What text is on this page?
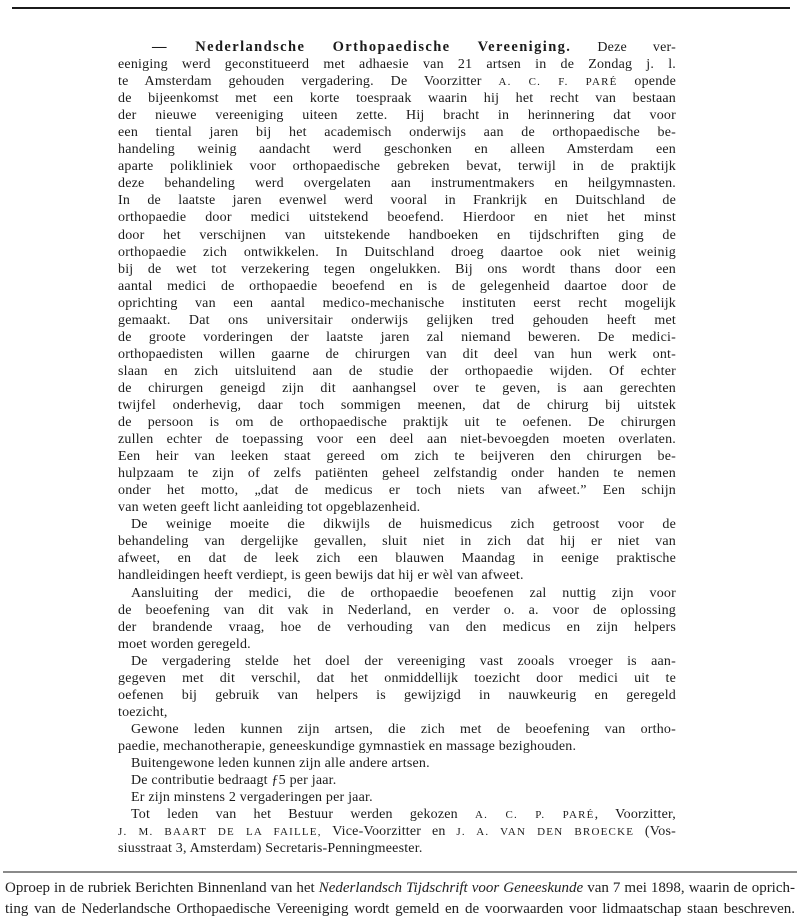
— Nederlandsche Orthopaedische Vereeniging. Deze ver-
eeniging werd geconstitueerd met adhaesie van 21 artsen in de Zondag j. l.
te Amsterdam gehouden vergadering. De Voorzitter A. C. F. PARÉ opende
de bijeenkomst met een korte toespraak waarin hij het recht van bestaan
der nieuwe vereeniging uiteen zette. Hij bracht in herinnering dat voor
een tiental jaren bij het academisch onderwijs aan de orthopaedische be-
handeling weinig aandacht werd geschonken en alleen Amsterdam een
aparte polikliniek voor orthopaedische gebreken bevat, terwijl in de praktijk
deze behandeling werd overgelaten aan instrumentmakers en heilgymnasten.
In de laatste jaren evenwel werd vooral in Frankrijk en Duitschland de
orthopaedie door medici uitstekend beoefend. Hierdoor en niet het minst
door het verschijnen van uitstekende handboeken en tijdschriften ging de
orthopaedie zich ontwikkelen. In Duitschland droeg daartoe ook niet weinig
bij de wet tot verzekering tegen ongelukken. Bij ons wordt thans door een
aantal medici de orthopaedie beoefend en is de gelegenheid daartoe door de
oprichting van een aantal medico-mechanische instituten eerst recht mogelijk
gemaakt. Dat ons universitair onderwijs gelijken tred gehouden heeft met
de groote vorderingen der laatste jaren zal niemand beweren. De medici-
orthopaedisten willen gaarne de chirurgen van dit deel van hun werk ont-
slaan en zich uitsluitend aan de studie der orthopaedie wijden. Of echter
de chirurgen geneigd zijn dit aanhangsel over te geven, is aan gerechten
twijfel onderhevig, daar toch sommigen meenen, dat de chirurg bij uitstek
de persoon is om de orthopaedische praktijk uit te oefenen. De chirurgen
zullen echter de toepassing voor een deel aan niet-bevoegden moeten overlaten.
Een heir van leeken staat gereed om zich te beijveren den chirurgen be-
hulpzaam te zijn of zelfs patiënten geheel zelfstandig onder handen te nemen
onder het motto, „dat de medicus er toch niets van afweet.” Een schijn
van weten geeft licht aanleiding tot opgeblazenheid.
De weinige moeite die dikwijls de huismedicus zich getroost voor de
behandeling van dergelijke gevallen, sluit niet in zich dat hij er niet van
afweet, en dat de leek zich een blauwen Maandag in eenige praktische
handleidingen heeft verdiept, is geen bewijs dat hij er wèl van afweet.
Aansluiting der medici, die de orthopaedie beoefenen zal nuttig zijn voor
de beoefening van dit vak in Nederland, en verder o. a. voor de oplossing
der brandende vraag, hoe de verhouding van den medicus en zijn helpers
moet worden geregeld.
De vergadering stelde het doel der vereeniging vast zooals vroeger is aan-
gegeven met dit verschil, dat het onmiddellijk toezicht door medici uit te
oefenen bij gebruik van helpers is gewijzigd in nauwkeurig en geregeld
toezicht,
Gewone leden kunnen zijn artsen, die zich met de beoefening van ortho-
paedie, mechanotherapie, geneeskundige gymnastiek en massage bezighouden.
Buitengewone leden kunnen zijn alle andere artsen.
De contributie bedraagt ƒ5 per jaar.
Er zijn minstens 2 vergaderingen per jaar.
Tot leden van het Bestuur werden gekozen A. C. P. PARÉ, Voorzitter,
J. M. BAART DE LA FAILLE, Vice-Voorzitter en J. A. VAN DEN BROECKE (Vos-
siusstraat 3, Amsterdam) Secretaris-Penningmeester.
Oproep in de rubriek Berichten Binnenland van het Nederlandsch Tijdschrift voor Geneeskunde van 7 mei 1898, waarin de oprich-
ting van de Nederlandsche Orthopaedische Vereeniging wordt gemeld en de voorwaarden voor lidmaatschap staan beschreven.
